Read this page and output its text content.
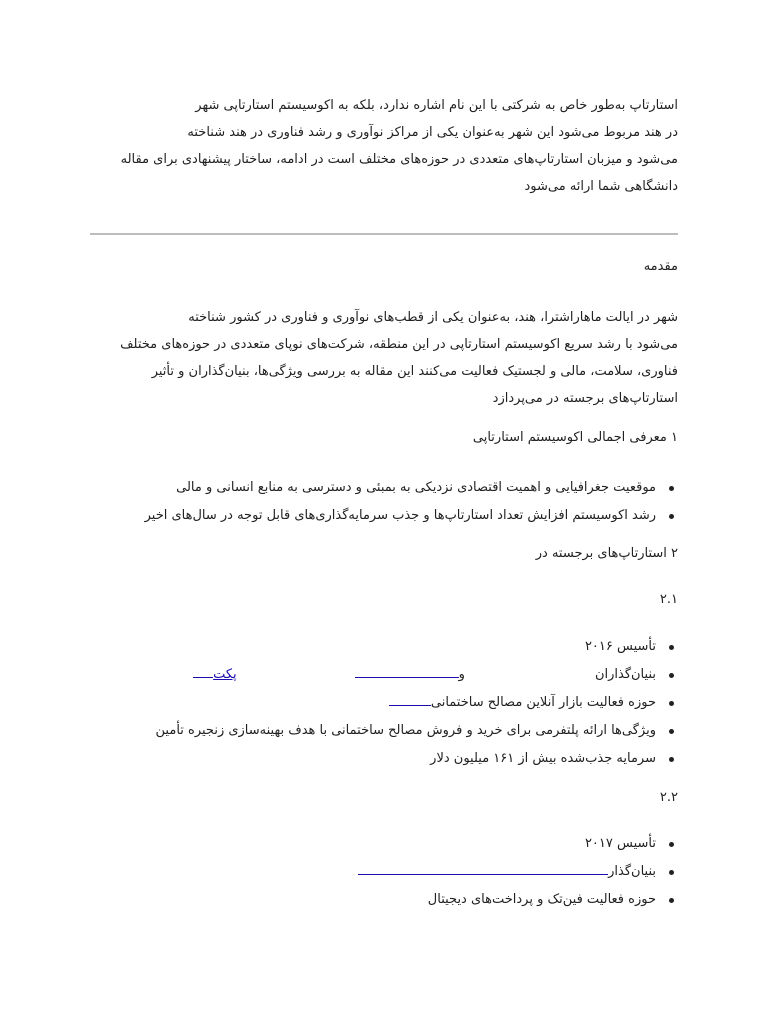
استارتاپ به‌طور خاص به شرکتی با این نام اشاره ندارد، بلکه به اکوسیستم استارتاپی شهر
در هند مربوط می‌شود این شهر به‌عنوان یکی از مراکز نوآوری و رشد فناوری در هند شناخته
می‌شود و میزبان استارتاپ‌های متعددی در حوزه‌های مختلف است در ادامه، ساختار پیشنهادی برای مقاله
دانشگاهی شما ارائه می‌شود
مقدمه
شهر در ایالت ماهاراشترا، هند، به‌عنوان یکی از قطب‌های نوآوری و فناوری در کشور شناخته
می‌شود با رشد سریع اکوسیستم استارتاپی در این منطقه، شرکت‌های نوپای متعددی در حوزه‌های مختلف
فناوری، سلامت، مالی و لجستیک فعالیت می‌کنند این مقاله به بررسی ویژگی‌ها، بنیان‌گذاران و تأثیر
استارتاپ‌های برجسته در می‌پردازد
۱ معرفی اجمالی اکوسیستم استارتاپی
موقعیت جغرافیایی و اهمیت اقتصادی نزدیکی به بمبئی و دسترسی به منابع انسانی و مالی
رشد اکوسیستم افزایش تعداد استارتاپ‌ها و جذب سرمایه‌گذاری‌های قابل توجه در سال‌های اخیر
۲ استارتاپ‌های برجسته در
۲.۱
تأسیس ۲۰۱۶
بنیان‌گذارانوپکت
حوزه فعالیت بازار آنلاین مصالح ساختمانی
ویژگی‌ها ارائه پلتفرمی برای خرید و فروش مصالح ساختمانی با هدف بهینه‌سازی زنجیره تأمین
سرمایه جذب‌شده بیش از ۱۶۱ میلیون دلار
۲.۲
تأسیس ۲۰۱۷
بنیان‌گذار
حوزه فعالیت فین‌تک و پرداخت‌های دیجیتال
